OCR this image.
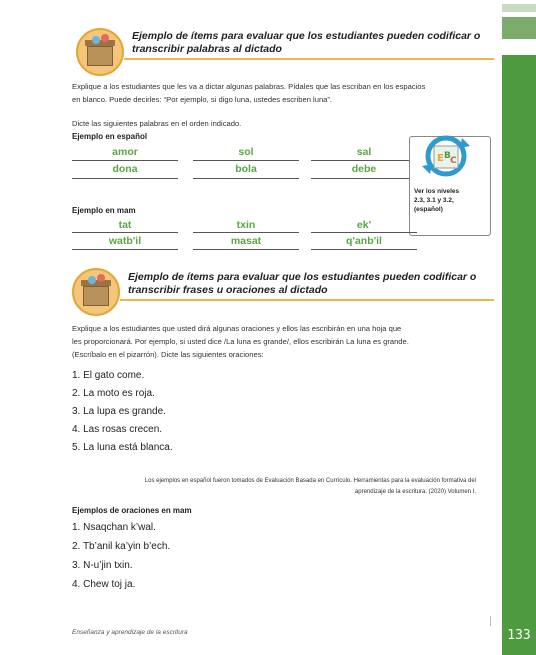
133
Ejemplo de ítems para evaluar que los estudiantes pueden codificar o
transcribir palabras al dictado
Explique a los estudiantes que les va a dictar algunas palabras. Pídales que las escriban en los espacios
en blanco. Puede decirles: “Por ejemplo, si digo luna, ustedes escriben luna”.
Dicte las siguientes palabras en el orden indicado.
Ejemplo en español
amor	sol	sal
dona	bola	debe
E B C
Ver los niveles
2.3, 3.1 y 3.2,
(español)
Ejemplo en mam
tat	txin	ek'
watb'il	masat	q'anb'il
Ejemplo de ítems para evaluar que los estudiantes pueden codificar o
transcribir frases u oraciones al dictado
Explique a los estudiantes que usted dirá algunas oraciones y ellos las escribirán en una hoja que
les proporcionará. Por ejemplo, si usted dice /La luna es grande/, ellos escribirán La luna es grande.
(Escríbalo en el pizarrón). Dicte las siguientes oraciones:
1. El gato come.
2. La moto es roja.
3. La lupa es grande.
4. Las rosas crecen.
5. La luna está blanca.
Los ejemplos en español fueron tomados de Evaluación Basada en Currículo. Herramientas para la evaluación formativa del
aprendizaje de la escritura. (2020) Volumen I.
Ejemplos de oraciones en mam
1. Nsaqchan k’wal.
2. Tb’anil ka’yin b’ech.
3. N-u’jin txin.
4. Chew toj ja.
Enseñanza y aprendizaje de la escritura
